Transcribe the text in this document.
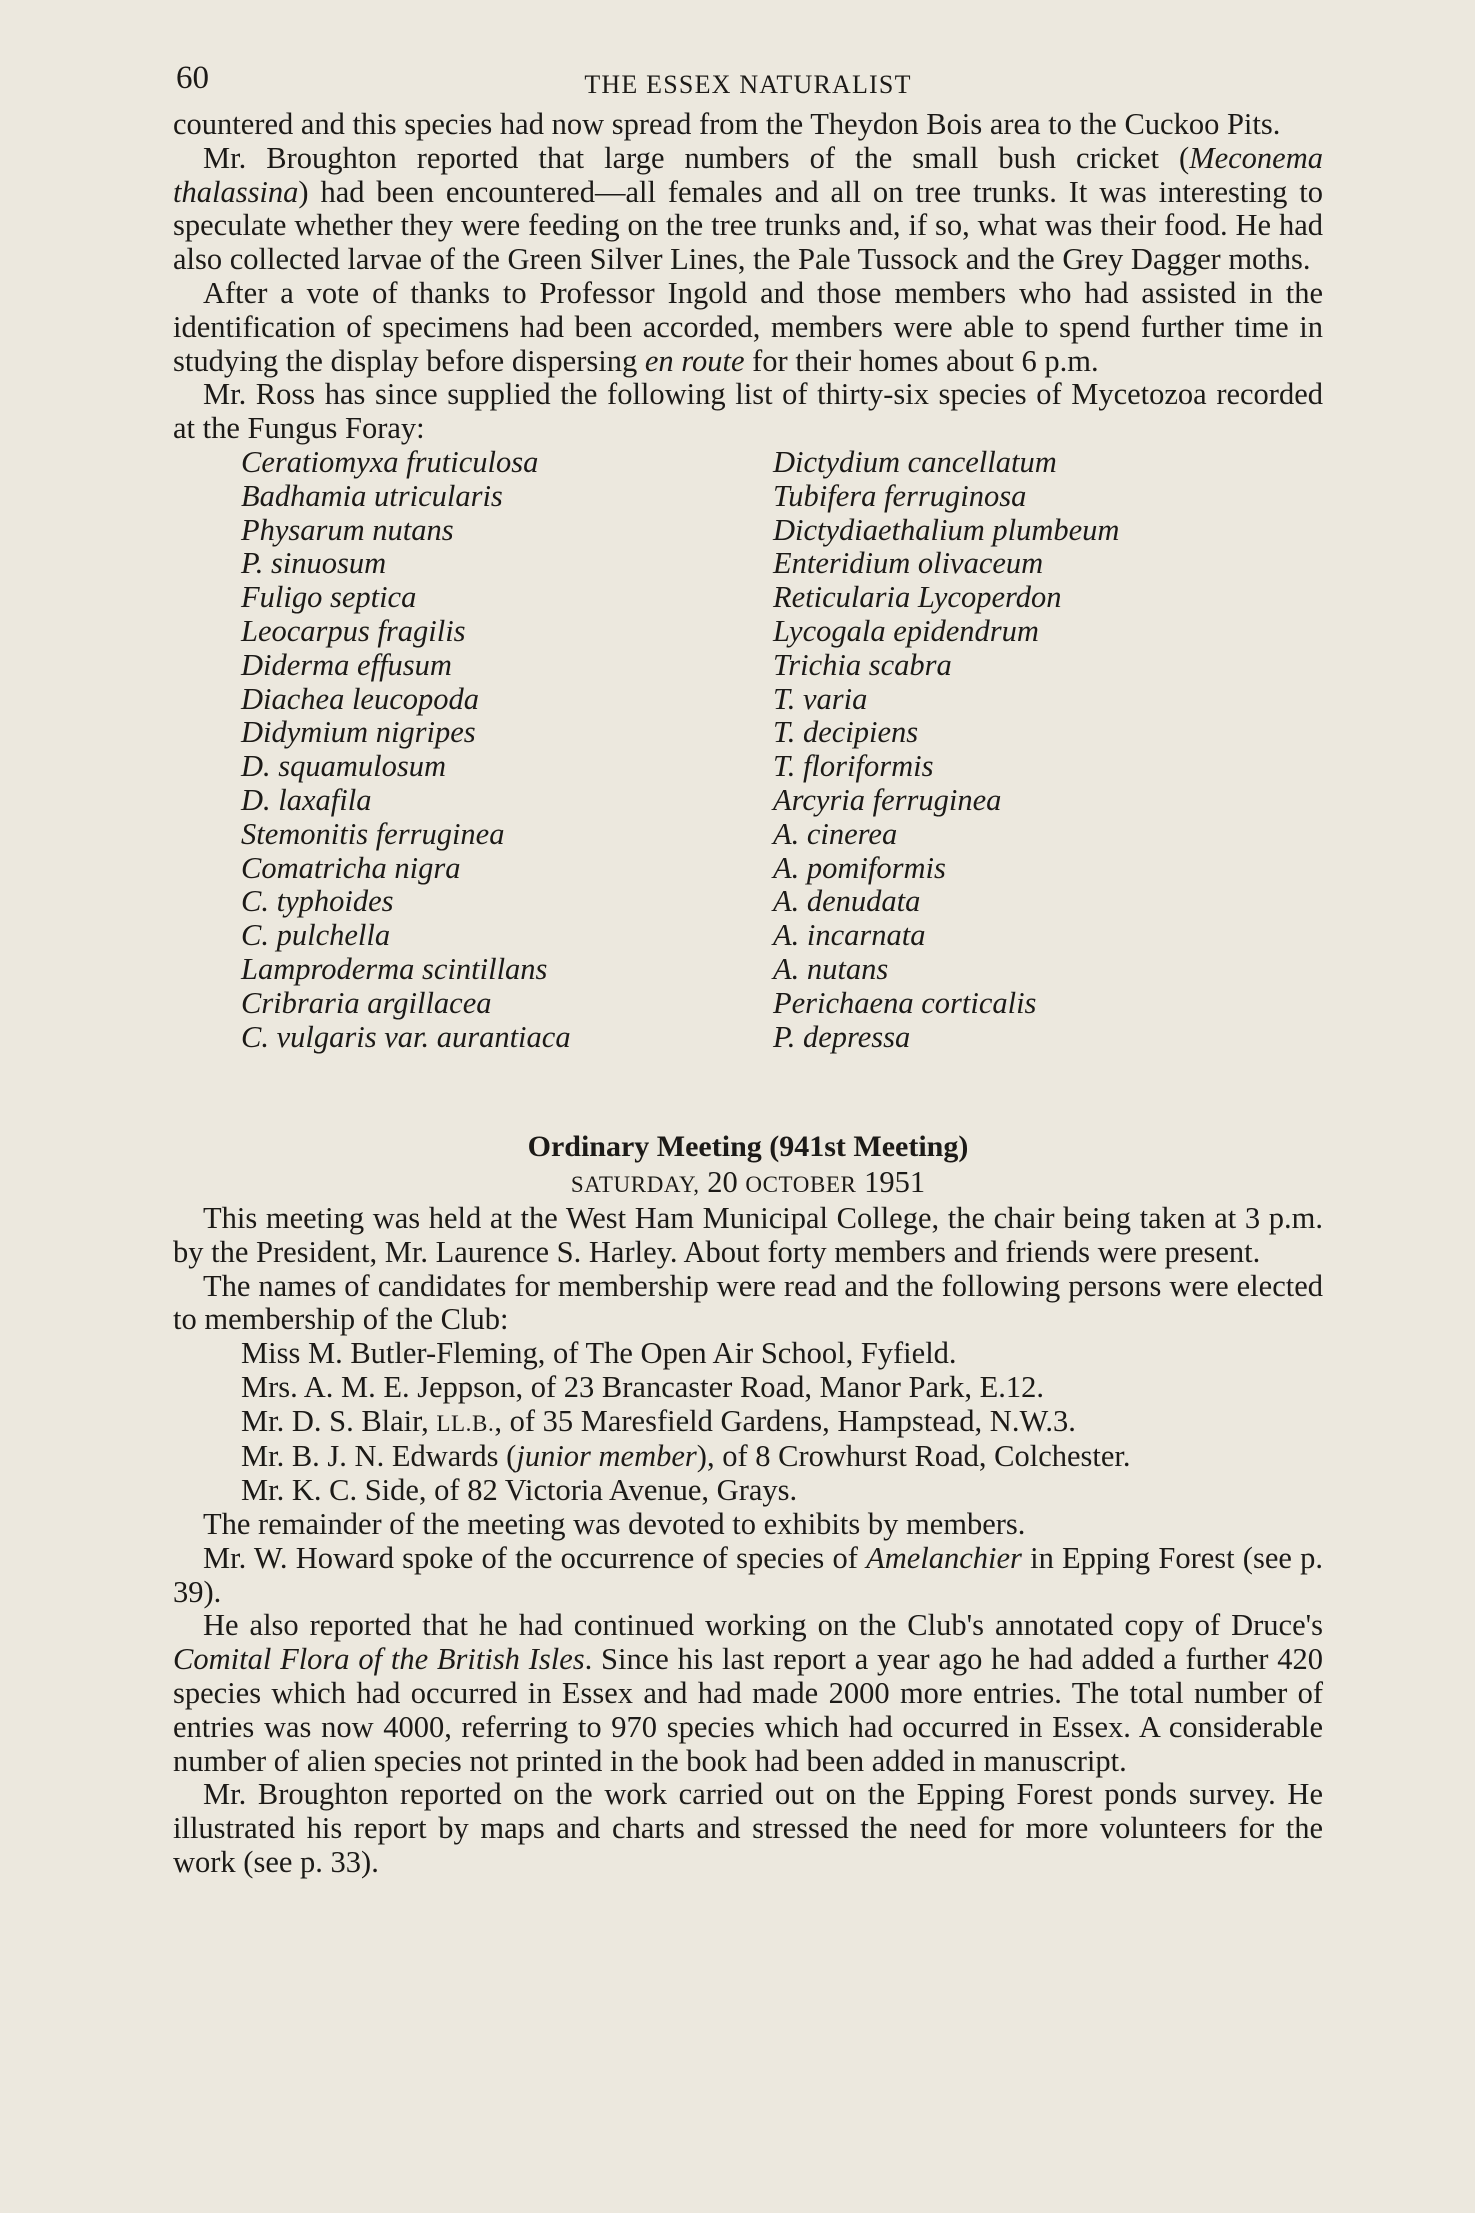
60	THE ESSEX NATURALIST

countered and this species had now spread from the Theydon Bois area to the Cuckoo Pits.

Mr. Broughton reported that large numbers of the small bush cricket (Meconema thalassina) had been encountered—all females and all on tree trunks. It was interesting to speculate whether they were feeding on the tree trunks and, if so, what was their food. He had also collected larvae of the Green Silver Lines, the Pale Tussock and the Grey Dagger moths.

After a vote of thanks to Professor Ingold and those members who had assisted in the identification of specimens had been accorded, members were able to spend further time in studying the display before dispersing en route for their homes about 6 p.m.

Mr. Ross has since supplied the following list of thirty-six species of Mycetozoa recorded at the Fungus Foray:

Ceratiomyxa fruticulosa
Badhamia utricularis
Physarum nutans
P. sinuosum
Fuligo septica
Leocarpus fragilis
Diderma effusum
Diachea leucopoda
Didymium nigripes
D. squamulosum
D. laxafila
Stemonitis ferruginea
Comatricha nigra
C. typhoides
C. pulchella
Lamproderma scintillans
Cribraria argillacea
C. vulgaris var. aurantiaca
Dictydium cancellatum
Tubifera ferruginosa
Dictydiaethalium plumbeum
Enteridium olivaceum
Reticularia Lycoperdon
Lycogala epidendrum
Trichia scabra
T. varia
T. decipiens
T. floriformis
Arcyria ferruginea
A. cinerea
A. pomiformis
A. denudata
A. incarnata
A. nutans
Perichaena corticalis
P. depressa
Ordinary Meeting (941st Meeting)
SATURDAY, 20 OCTOBER 1951

This meeting was held at the West Ham Municipal College, the chair being taken at 3 p.m. by the President, Mr. Laurence S. Harley. About forty members and friends were present.

The names of candidates for membership were read and the following persons were elected to membership of the Club:

Miss M. Butler-Fleming, of The Open Air School, Fyfield.
Mrs. A. M. E. Jeppson, of 23 Brancaster Road, Manor Park, E.12.
Mr. D. S. Blair, LL.B., of 35 Maresfield Gardens, Hampstead, N.W.3.
Mr. B. J. N. Edwards (junior member), of 8 Crowhurst Road, Colchester.
Mr. K. C. Side, of 82 Victoria Avenue, Grays.

The remainder of the meeting was devoted to exhibits by members.

Mr. W. Howard spoke of the occurrence of species of Amelanchier in Epping Forest (see p. 39).

He also reported that he had continued working on the Club's annotated copy of Druce's Comital Flora of the British Isles. Since his last report a year ago he had added a further 420 species which had occurred in Essex and had made 2000 more entries. The total number of entries was now 4000, referring to 970 species which had occurred in Essex. A considerable number of alien species not printed in the book had been added in manuscript.

Mr. Broughton reported on the work carried out on the Epping Forest ponds survey. He illustrated his report by maps and charts and stressed the need for more volunteers for the work (see p. 33).
